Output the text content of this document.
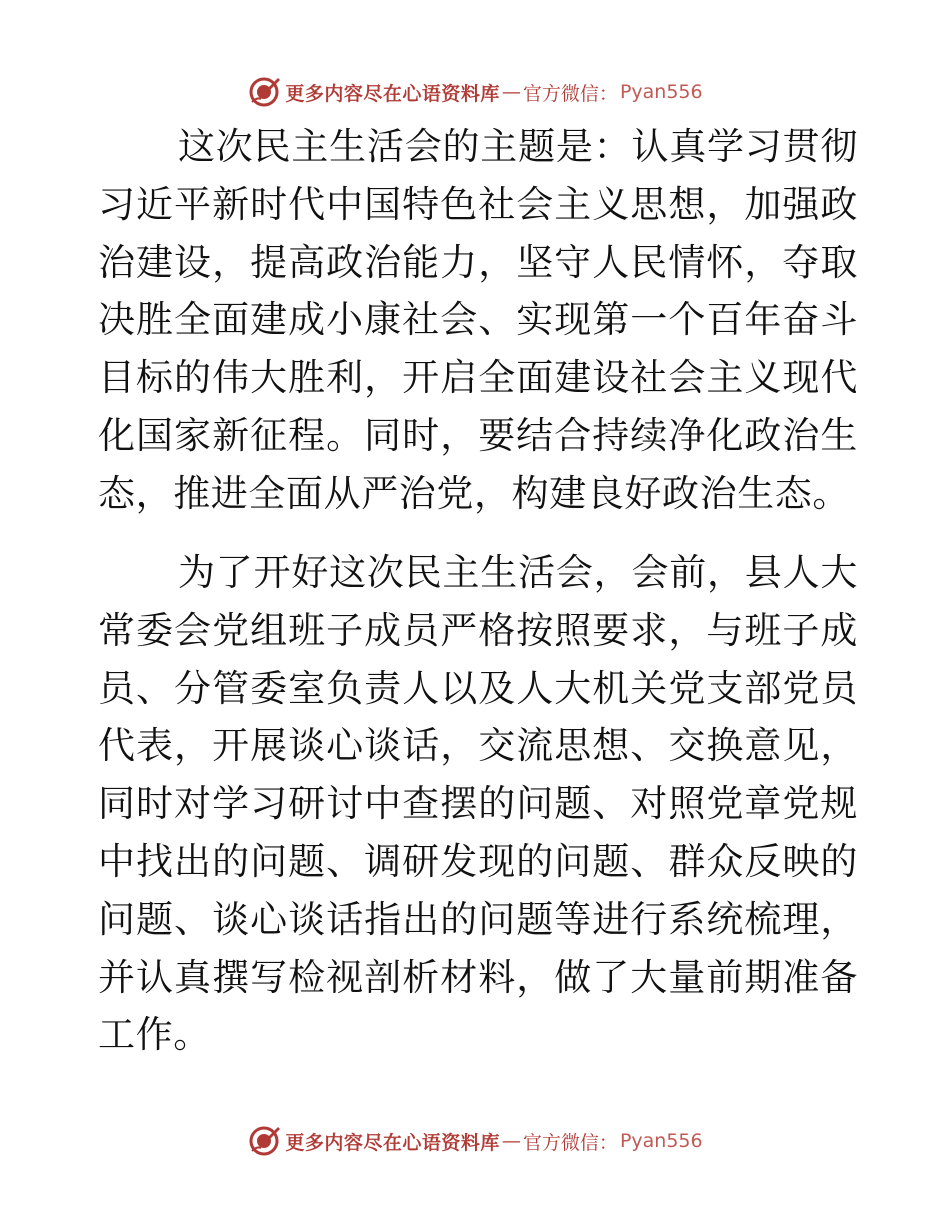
更多内容尽在心语资料库 — 官方微信： Pyan556

这次民主生活会的主题是：认真学习贯彻习近平新时代中国特色社会主义思想，加强政治建设，提高政治能力，坚守人民情怀，夺取决胜全面建成小康社会、实现第一个百年奋斗目标的伟大胜利，开启全面建设社会主义现代化国家新征程。同时，要结合持续净化政治生态，推进全面从严治党，构建良好政治生态。

为了开好这次民主生活会，会前，县人大常委会党组班子成员严格按照要求，与班子成员、分管委室负责人以及人大机关党支部党员代表，开展谈心谈话，交流思想、交换意见，同时对学习研讨中查摆的问题、对照党章党规中找出的问题、调研发现的问题、群众反映的问题、谈心谈话指出的问题等进行系统梳理，并认真撰写检视剖析材料，做了大量前期准备工作。

更多内容尽在心语资料库 — 官方微信： Pyan556
